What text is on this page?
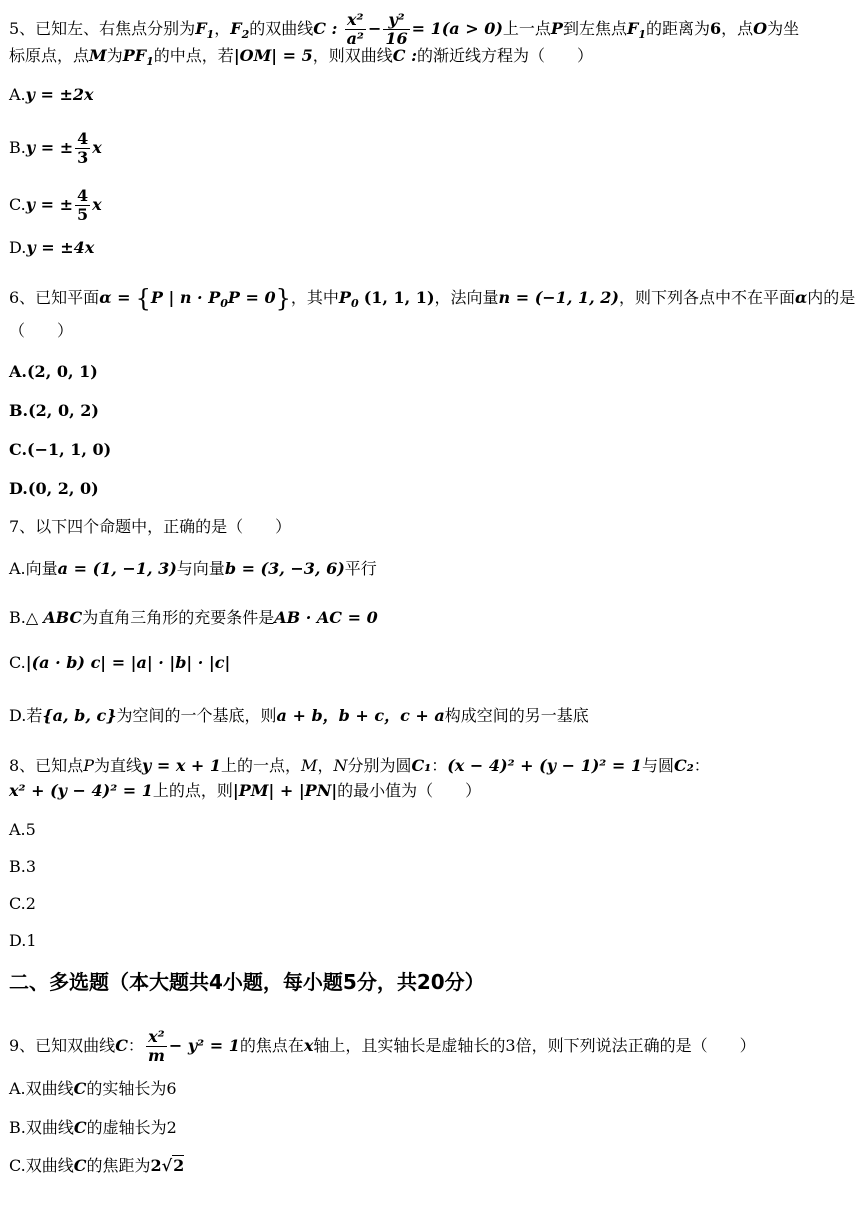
5、已知左、右焦点分别为$F_1$，$F_2$的双曲线C : $\frac{\text{x²}}{\text{a²}} - \frac{\text{y²}}{16} = 1(a > 0)$上一点P到左焦点$F_1$的距离为6，点O为坐
标原点，点M为$PF_1$的中点，若|OM| = 5，则双曲线C :的渐近线方程为（　　）
A.y = ±2x
B.y = ± $\frac{4}{3}$ x
C.y = ± $\frac{4}{5}$ x
D.y = ±4x
6、已知平面α = {P | $n \cdot P_0P = 0$}，其中$P_0$ (1, 1, 1)，法向量n = (−1, 1, 2)，则下列各点中不在平面α内的是
（　　）
A.(2, 0, 1)
B.(2, 0, 2)
C.(−1, 1, 0)
D.(0, 2, 0)
7、以下四个命题中，正确的是（　　）
A.向量a = (1, −1, 3)与向量b = (3, −3, 6)平行
B.△ ABC为直角三角形的充要条件是AB · AC = 0
C.|(a · b) c| = |a| · |b| · |c|
D.若{a, b, c}为空间的一个基底，则a + b，b + c，c + a构成空间的另一基底
8、已知点P为直线y = x + 1上的一点，M，N分别为圆C₁：(x − 4)² + (y − 1)² = 1与圆C₂：
x² + (y − 4)² = 1上的点，则|PM| + |PN|的最小值为（　　）
A.5
B.3
C.2
D.1
二、多选题（本大题共4小题，每小题5分，共20分）
9、已知双曲线C： $\frac{\text{x²}}{m} - y^2 = 1$的焦点在x轴上，且实轴长是虚轴长的3倍，则下列说法正确的是（　　）
A.双曲线C的实轴长为6
B.双曲线C的虚轴长为2
C.双曲线C的焦距为2√2
